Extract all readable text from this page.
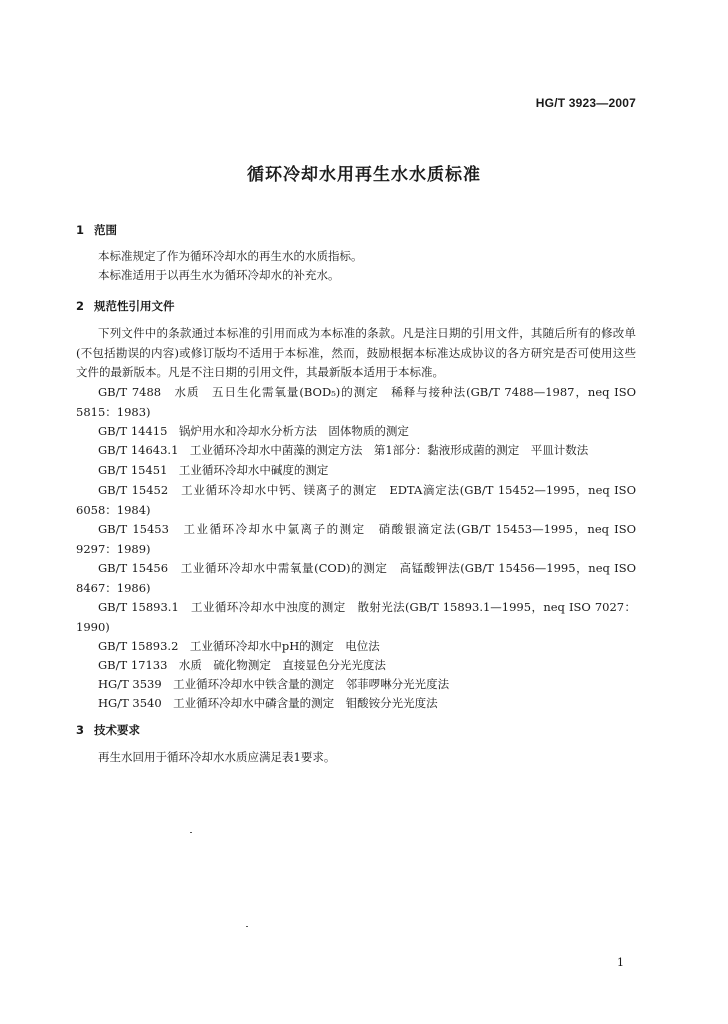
HG/T 3923—2007
循环冷却水用再生水水质标准
1 范围
本标准规定了作为循环冷却水的再生水的水质指标。
本标准适用于以再生水为循环冷却水的补充水。
2 规范性引用文件
下列文件中的条款通过本标准的引用而成为本标准的条款。凡是注日期的引用文件，其随后所有的修改单(不包括勘误的内容)或修订版均不适用于本标准，然而，鼓励根据本标准达成协议的各方研究是否可使用这些文件的最新版本。凡是不注日期的引用文件，其最新版本适用于本标准。
GB/T 7488　水质　五日生化需氧量(BOD₅)的测定　稀释与接种法(GB/T 7488—1987，neq ISO 5815：1983)
GB/T 14415　锅炉用水和冷却水分析方法　固体物质的测定
GB/T 14643.1　工业循环冷却水中菌藻的测定方法　第1部分：黏液形成菌的测定　平皿计数法
GB/T 15451　工业循环冷却水中碱度的测定
GB/T 15452　工业循环冷却水中钙、镁离子的测定　EDTA滴定法(GB/T 15452—1995，neq ISO 6058：1984)
GB/T 15453　工业循环冷却水中氯离子的测定　硝酸银滴定法(GB/T 15453—1995，neq ISO 9297：1989)
GB/T 15456　工业循环冷却水中需氧量(COD)的测定　高锰酸钾法(GB/T 15456—1995，neq ISO 8467：1986)
GB/T 15893.1　工业循环冷却水中浊度的测定　散射光法(GB/T 15893.1—1995，neq ISO 7027：1990)
GB/T 15893.2　工业循环冷却水中pH的测定　电位法
GB/T 17133　水质　硫化物测定　直接显色分光光度法
HG/T 3539　工业循环冷却水中铁含量的测定　邻菲啰啉分光光度法
HG/T 3540　工业循环冷却水中磷含量的测定　钼酸铵分光光度法
3 技术要求
再生水回用于循环冷却水水质应满足表1要求。
1
